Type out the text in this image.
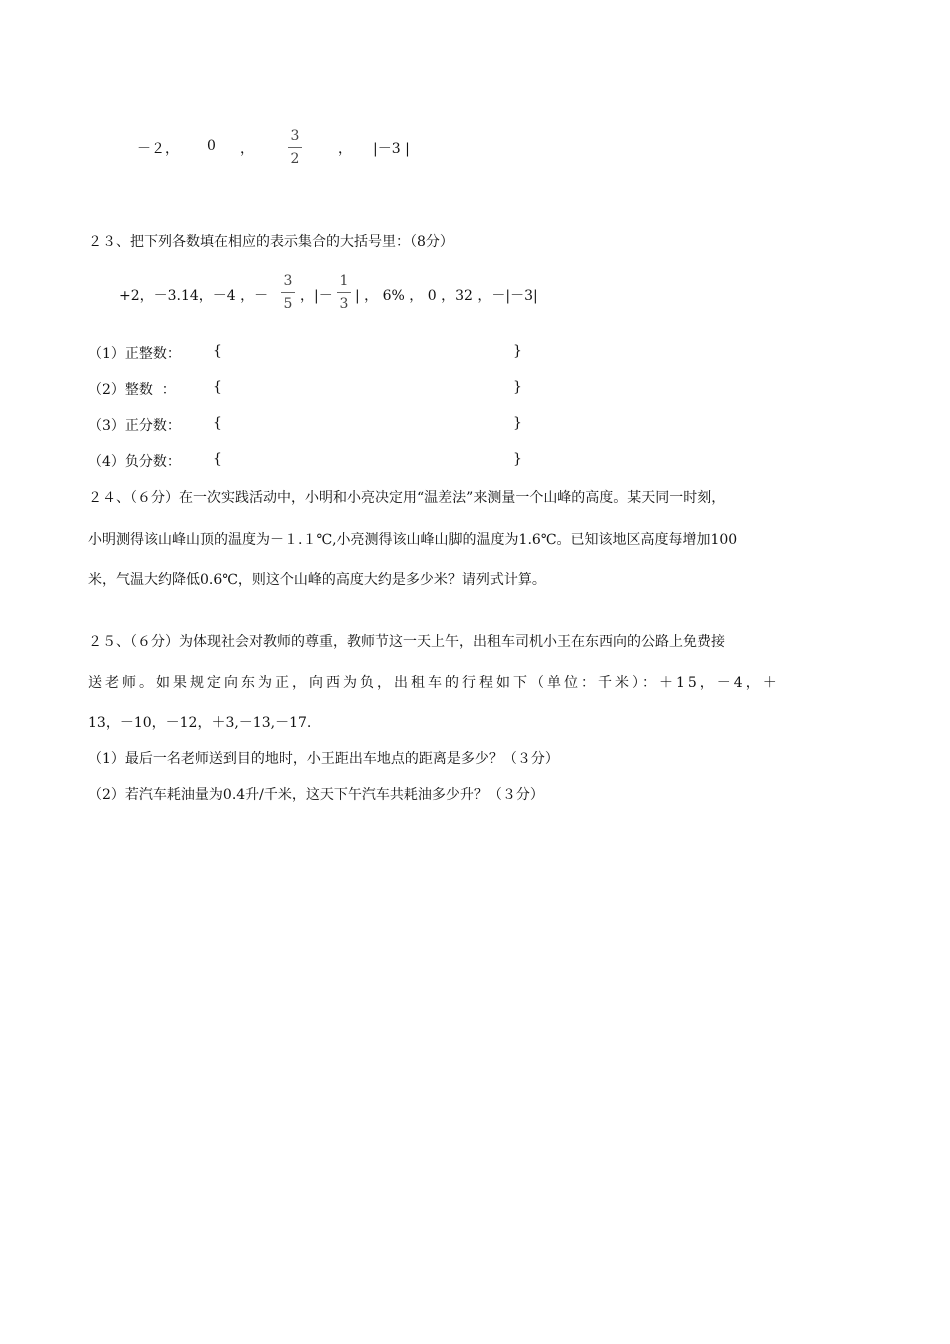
－２， 0 ，
3
2
， |－3 |
２３、把下列各数填在相应的表示集合的大括号里：（8分）
+2，－3.14，－4 ，－
3
5 ，|－
1
3 | ， 6% ， 0 ，32 ，－|－3|
（1）正整数： {	}
（2）整数  ：	{	}
（3）正分数： {	}
（4）负分数： {	}
２４、（６分）在一次实践活动中，小明和小亮决定用“温差法”来测量一个山峰的高度。某天同一时刻，
小明测得该山峰山顶的温度为－１.１℃,小亮测得该山峰山脚的温度为1.6℃。已知该地区高度每增加100
米，气温大约降低0.6℃，则这个山峰的高度大约是多少米？请列式计算。
２５、（６分）为体现社会对教师的尊重，教师节这一天上午，出租车司机小王在东西向的公路上免费接
送老师。如果规定向东为正，向西为负，出租车的行程如下（单位：千米）：＋15，－4，＋
13，－10，－12，＋3,－13,－17.
（1）最后一名老师送到目的地时，小王距出车地点的距离是多少？（３分）
（2）若汽车耗油量为0.4升/千米，这天下午汽车共耗油多少升？（３分）
